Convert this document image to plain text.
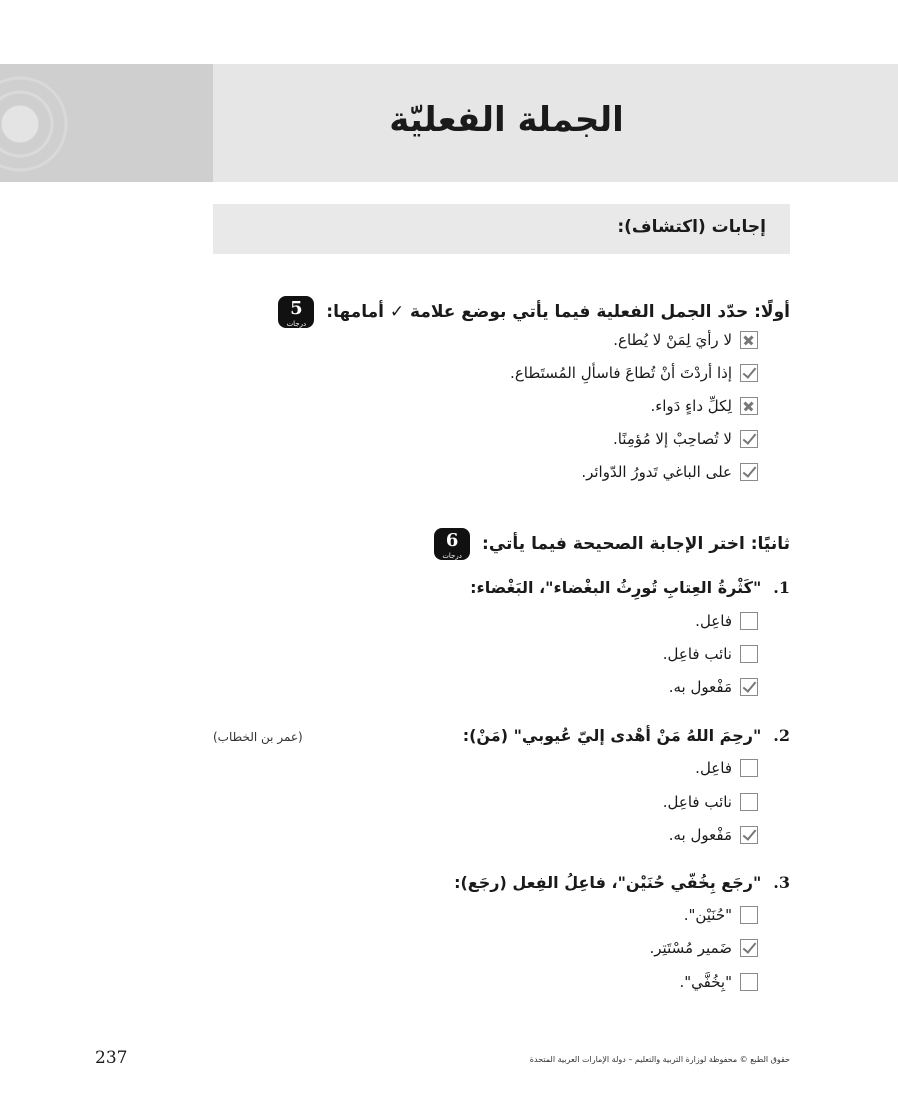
الجملة الفعليّة
إجابات (اكتشاف):
أولًا: حدّد الجمل الفعلية فيما يأتي بوضع علامة ✓ أمامها:
5
درجات
لا رأيَ لِمَنْ لا يُطاع.
إذا أردْتَ أنْ تُطاعَ فاسألِ المُستَطاع.
لِكلِّ داءٍ دَواء.
لا تُصاحِبْ إلا مُؤمِنًا.
على الباغي تَدورُ الدّوائر.
ثانيًا: اختر الإجابة الصحيحة فيما يأتي:
6
درجات
1."كَثْرةُ العِتابِ تُورِثُ البغْضاء"، البَغْضاء:
فاعِل.
نائب فاعِل.
مَفْعول به.
2."رحِمَ اللهُ مَنْ أهْدى إليّ عُيوبي" (مَنْ):
(عمر بن الخطاب)
فاعِل.
نائب فاعِل.
مَفْعول به.
3."رجَع بِخُفّي حُنَيْن"، فاعِلُ الفِعل (رجَع):
"حُنَيْن".
ضَمير مُسْتَتِر.
"بِخُفَّي".
237	حقوق الطبع © محفوظة لوزارة التربية والتعليم – دولة الإمارات العربية المتحدة
